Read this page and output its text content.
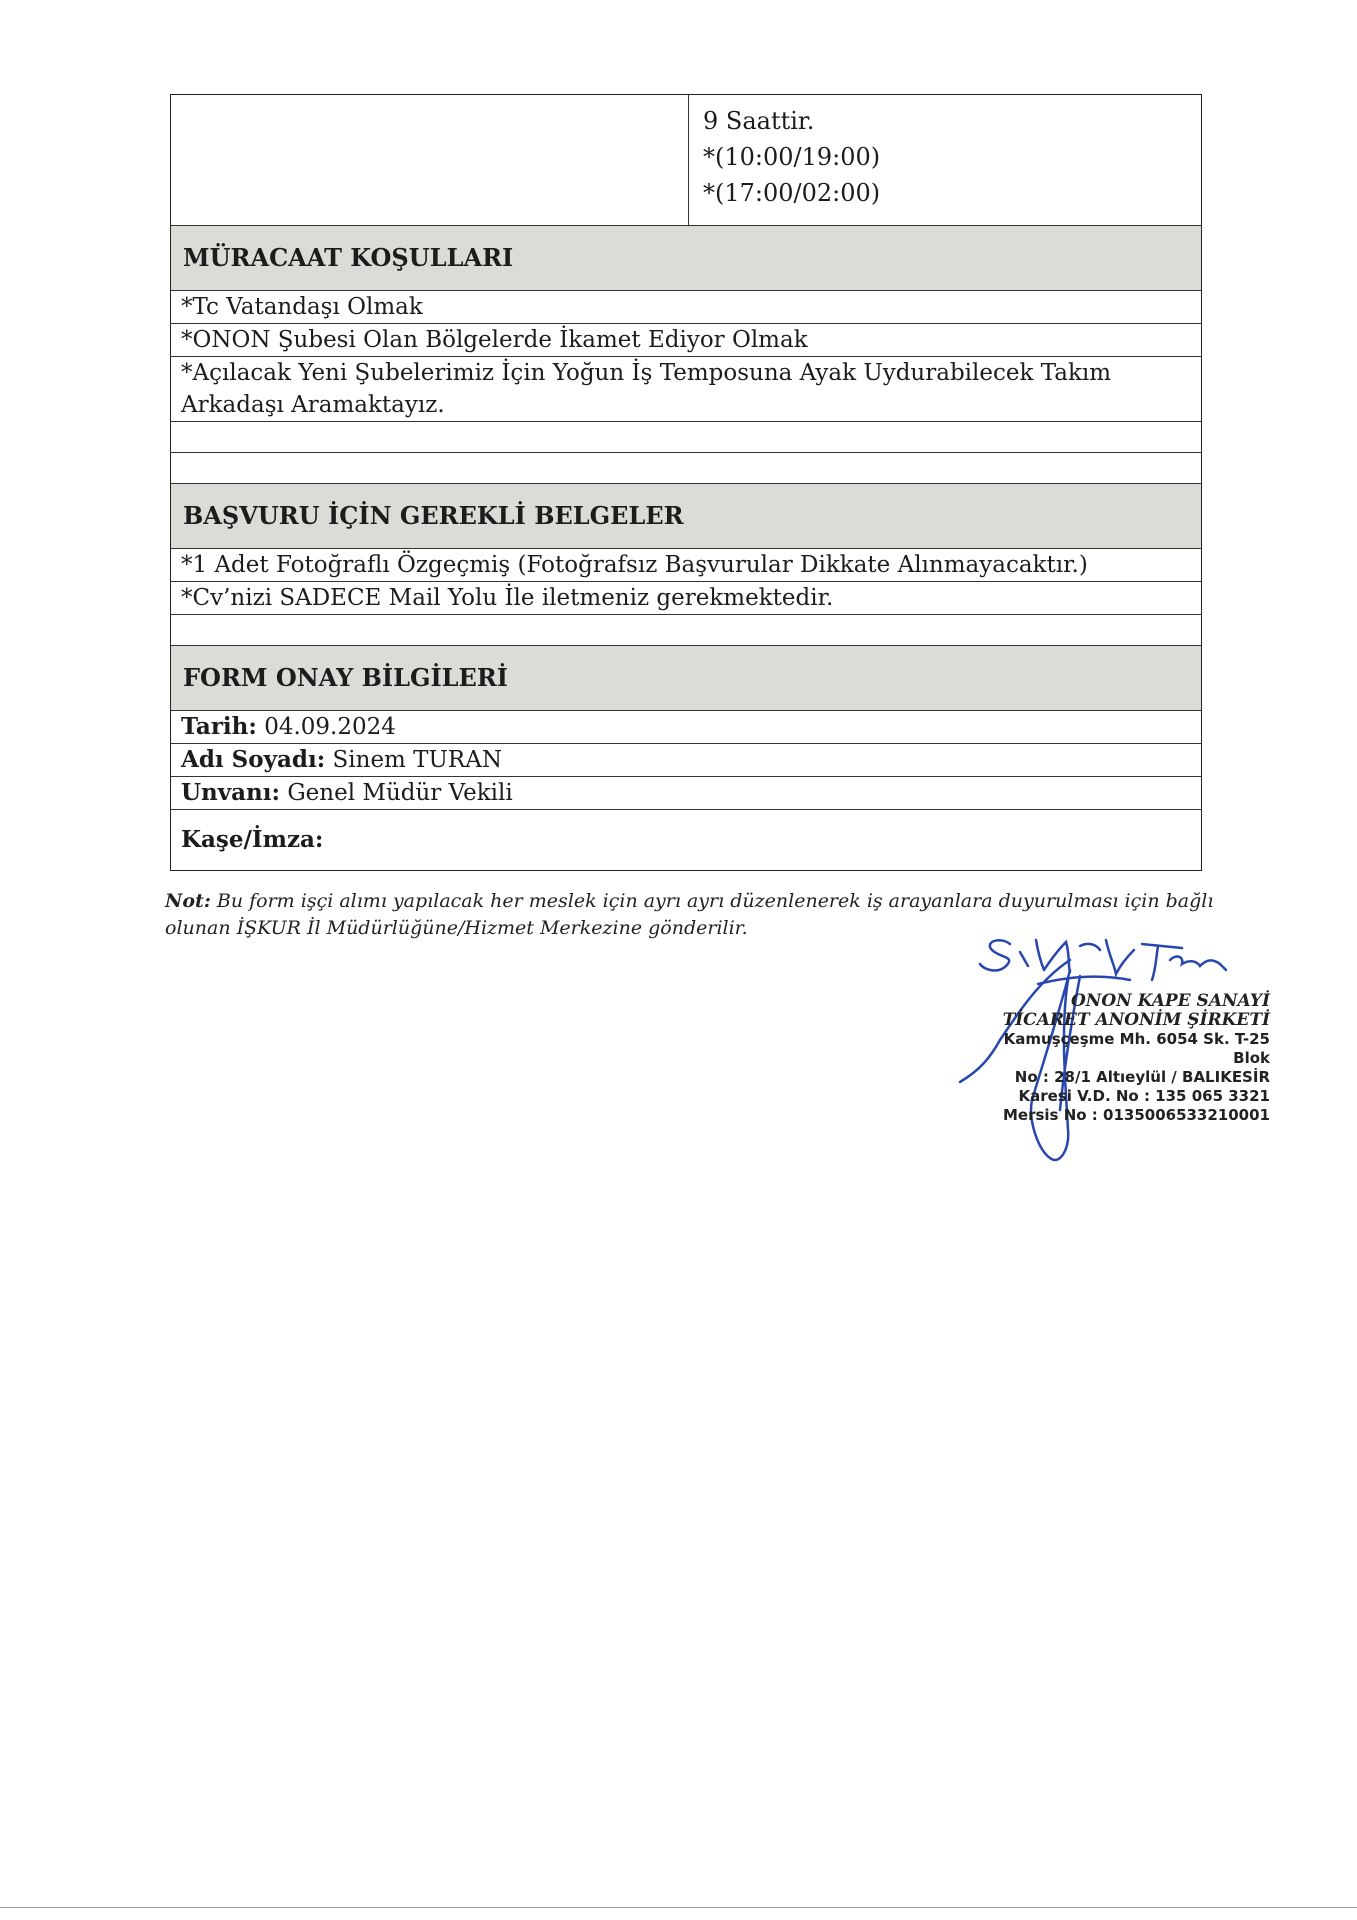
9 Saattir.
*(10:00/19:00)
*(17:00/02:00)
MÜRACAAT KOŞULLARI
*Tc Vatandaşı Olmak
*ONON Şubesi Olan Bölgelerde İkamet Ediyor Olmak
*Açılacak Yeni Şubelerimiz İçin Yoğun İş Temposuna Ayak Uydurabilecek Takım
Arkadaşı Aramaktayız.
BAŞVURU İÇİN GEREKLİ BELGELER
*1 Adet Fotoğraflı Özgeçmiş (Fotoğrafsız Başvurular Dikkate Alınmayacaktır.)
*Cv’nizi SADECE Mail Yolu İle iletmeniz gerekmektedir.
FORM ONAY BİLGİLERİ
Tarih: 04.09.2024
Adı Soyadı: Sinem TURAN
Unvanı: Genel Müdür Vekili
Kaşe/İmza:
Not: Bu form işçi alımı yapılacak her meslek için ayrı ayrı düzenlenerek iş arayanlara duyurulması için bağlı
olunan İŞKUR İl Müdürlüğüne/Hizmet Merkezine gönderilir.
ONON KAPE SANAYİ
TİCARET ANONİM ŞİRKETİ
Kamuşçeşme Mh. 6054 Sk. T-25 Blok
No : 28/1 Altıeylül / BALIKESİR
Karesi V.D. No : 135 065 3321
Mersis No : 0135006533210001
